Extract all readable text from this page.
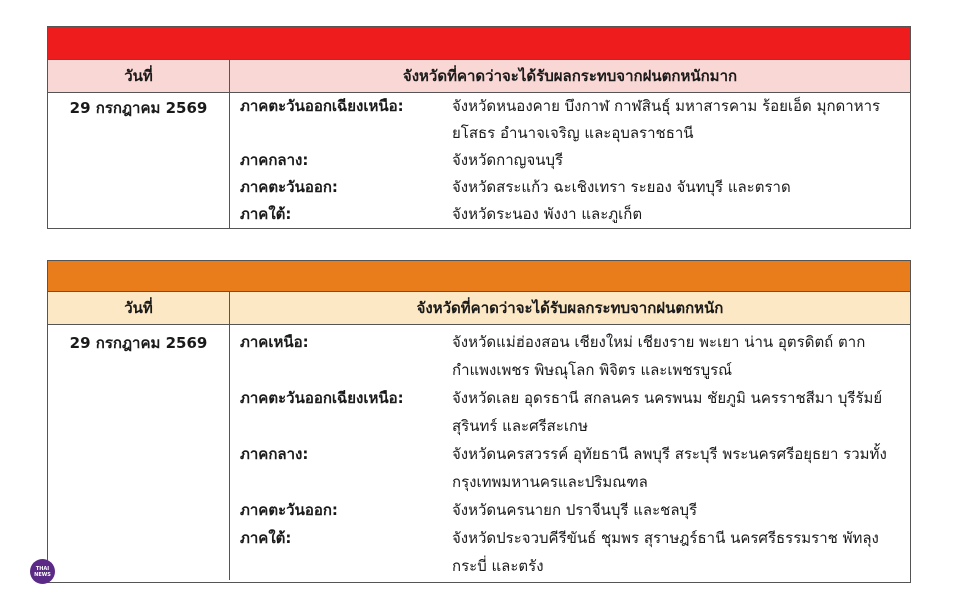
วันที่	จังหวัดที่คาดว่าจะได้รับผลกระทบจากฝนตกหนักมาก
29 กรกฎาคม 2569	ภาคตะวันออกเฉียงเหนือ:	จังหวัดหนองคาย บึงกาฬ กาฬสินธุ์ มหาสารคาม ร้อยเอ็ด มุกดาหาร ยโสธร อำนาจเจริญ และอุบลราชธานี
ภาคกลาง:	จังหวัดกาญจนบุรี
ภาคตะวันออก:	จังหวัดสระแก้ว ฉะเชิงเทรา ระยอง จันทบุรี และตราด
ภาคใต้:	จังหวัดระนอง พังงา และภูเก็ต
วันที่	จังหวัดที่คาดว่าจะได้รับผลกระทบจากฝนตกหนัก
29 กรกฎาคม 2569	ภาคเหนือ:	จังหวัดแม่ฮ่องสอน เชียงใหม่ เชียงราย พะเยา น่าน อุตรดิตถ์ ตาก กำแพงเพชร พิษณุโลก พิจิตร และเพชรบูรณ์
ภาคตะวันออกเฉียงเหนือ:	จังหวัดเลย อุดรธานี สกลนคร นครพนม ชัยภูมิ นครราชสีมา บุรีรัมย์ สุรินทร์ และศรีสะเกษ
ภาคกลาง:	จังหวัดนครสวรรค์ อุทัยธานี ลพบุรี สระบุรี พระนครศรีอยุธยา รวมทั้งกรุงเทพมหานครและปริมณฑล
ภาคตะวันออก:	จังหวัดนครนายก ปราจีนบุรี และชลบุรี
ภาคใต้:	จังหวัดประจวบคีรีขันธ์ ชุมพร สุราษฎร์ธานี นครศรีธรรมราช พัทลุง กระบี่ และตรัง
THAI
NEWS
